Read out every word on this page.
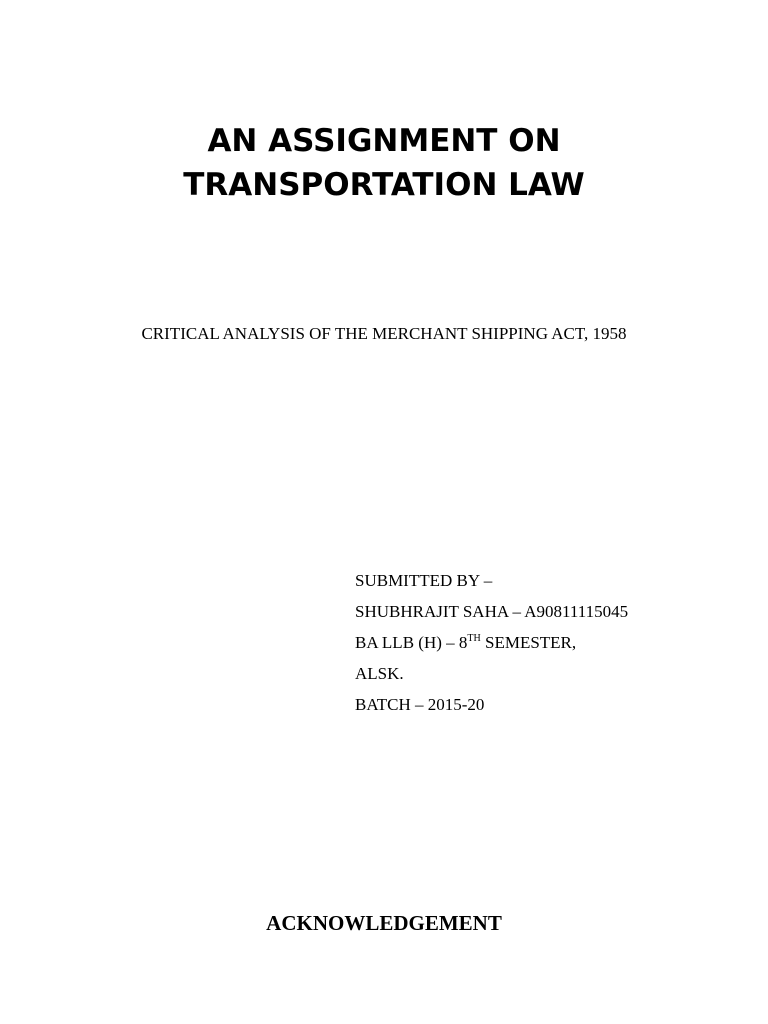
AN ASSIGNMENT ON
TRANSPORTATION LAW

CRITICAL ANALYSIS OF THE MERCHANT SHIPPING ACT, 1958

SUBMITTED BY –
SHUBHRAJIT SAHA – A90811115045
BA LLB (H) – 8TH SEMESTER,
ALSK.
BATCH – 2015-20
ACKNOWLEDGEMENT
